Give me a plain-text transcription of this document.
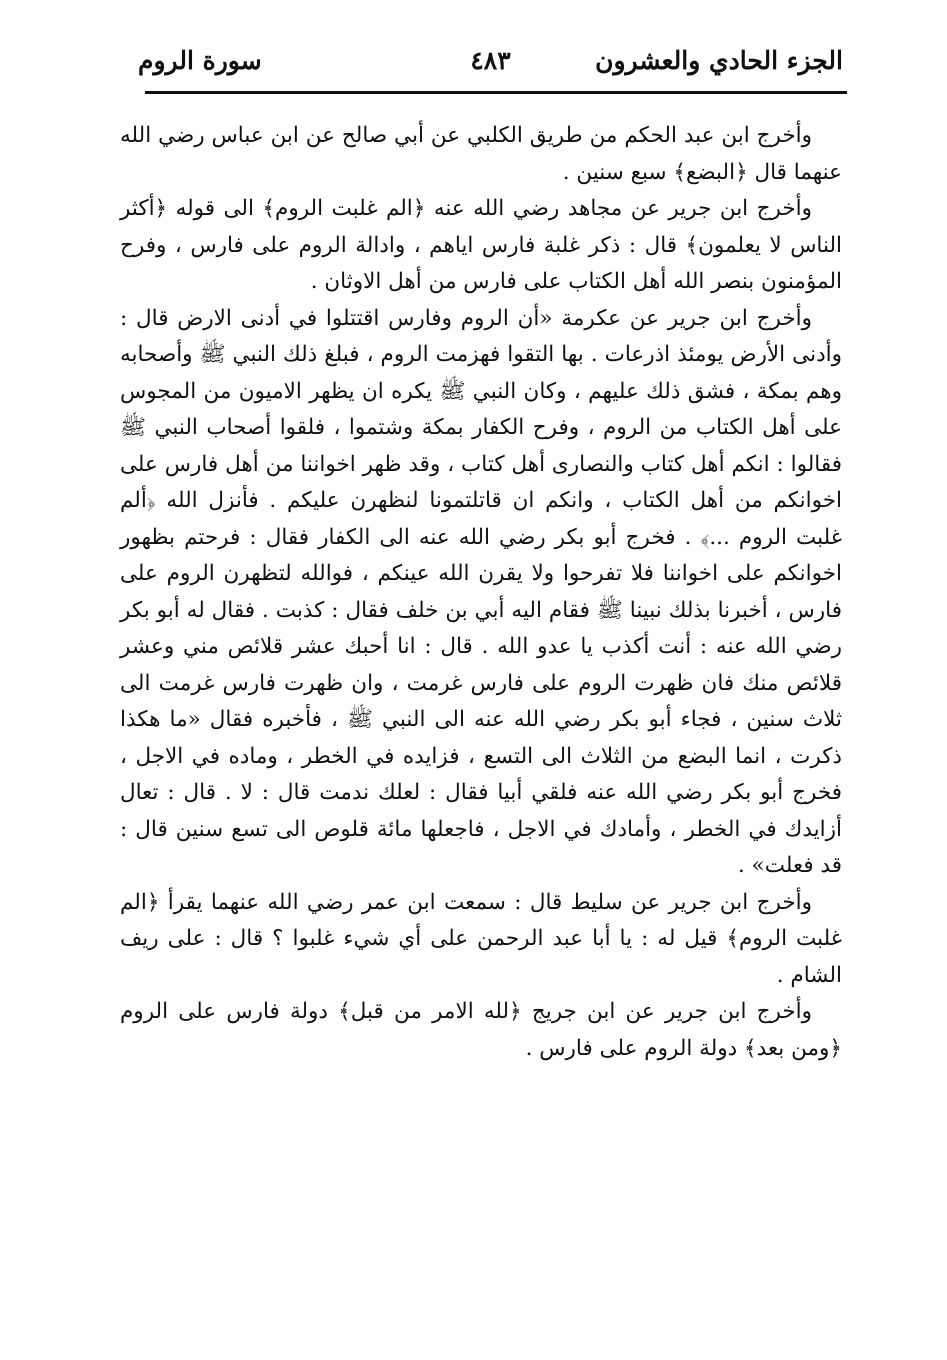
الجزء الحادي والعشرون
٤٨٣
سورة الروم

وأخرج ابن عبد الحكم من طريق الكلبي عن أبي صالح عن ابن عباس رضي الله عنهما قال ﴿البضع﴾ سبع سنين .

وأخرج ابن جرير عن مجاهد رضي الله عنه ﴿الم غلبت الروم﴾ الى قوله ﴿أكثر الناس لا يعلمون﴾ قال : ذكر غلبة فارس اياهم ، وادالة الروم على فارس ، وفرح المؤمنون بنصر الله أهل الكتاب على فارس من أهل الاوثان .

وأخرج ابن جرير عن عكرمة «أن الروم وفارس اقتتلوا في أدنى الارض قال : وأدنى الأرض يومئذ اذرعات . بها التقوا فهزمت الروم ، فبلغ ذلك النبي ﷺ وأصحابه وهم بمكة ، فشق ذلك عليهم ، وكان النبي ﷺ يكره ان يظهر الاميون من المجوس على أهل الكتاب من الروم ، وفرح الكفار بمكة وشتموا ، فلقوا أصحاب النبي ﷺ فقالوا : انكم أهل كتاب والنصارى أهل كتاب ، وقد ظهر اخواننا من أهل فارس على اخوانكم من أهل الكتاب ، وانكم ان قاتلتمونا لنظهرن عليكم . فأنزل الله ﴿ألم غلبت الروم ...﴾ . فخرج أبو بكر رضي الله عنه الى الكفار فقال : فرحتم بظهور اخوانكم على اخواننا فلا تفرحوا ولا يقرن الله عينكم ، فوالله لتظهرن الروم على فارس ، أخبرنا بذلك نبينا ﷺ فقام اليه أبي بن خلف فقال : كذبت . فقال له أبو بكر رضي الله عنه : أنت أكذب يا عدو الله . قال : انا أحبك عشر قلائص مني وعشر قلائص منك فان ظهرت الروم على فارس غرمت ، وان ظهرت فارس غرمت الى ثلاث سنين ، فجاء أبو بكر رضي الله عنه الى النبي ﷺ ، فأخبره فقال «ما هكذا ذكرت ، انما البضع من الثلاث الى التسع ، فزايده في الخطر ، وماده في الاجل ، فخرج أبو بكر رضي الله عنه فلقي أبيا فقال : لعلك ندمت قال : لا . قال : تعال أزايدك في الخطر ، وأمادك في الاجل ، فاجعلها مائة قلوص الى تسع سنين قال : قد فعلت» .

وأخرج ابن جرير عن سليط قال : سمعت ابن عمر رضي الله عنهما يقرأ ﴿الم غلبت الروم﴾ قيل له : يا أبا عبد الرحمن على أي شيء غلبوا ؟ قال : على ريف الشام .

وأخرج ابن جرير عن ابن جريج ﴿لله الامر من قبل﴾ دولة فارس على الروم ﴿ومن بعد﴾ دولة الروم على فارس .
